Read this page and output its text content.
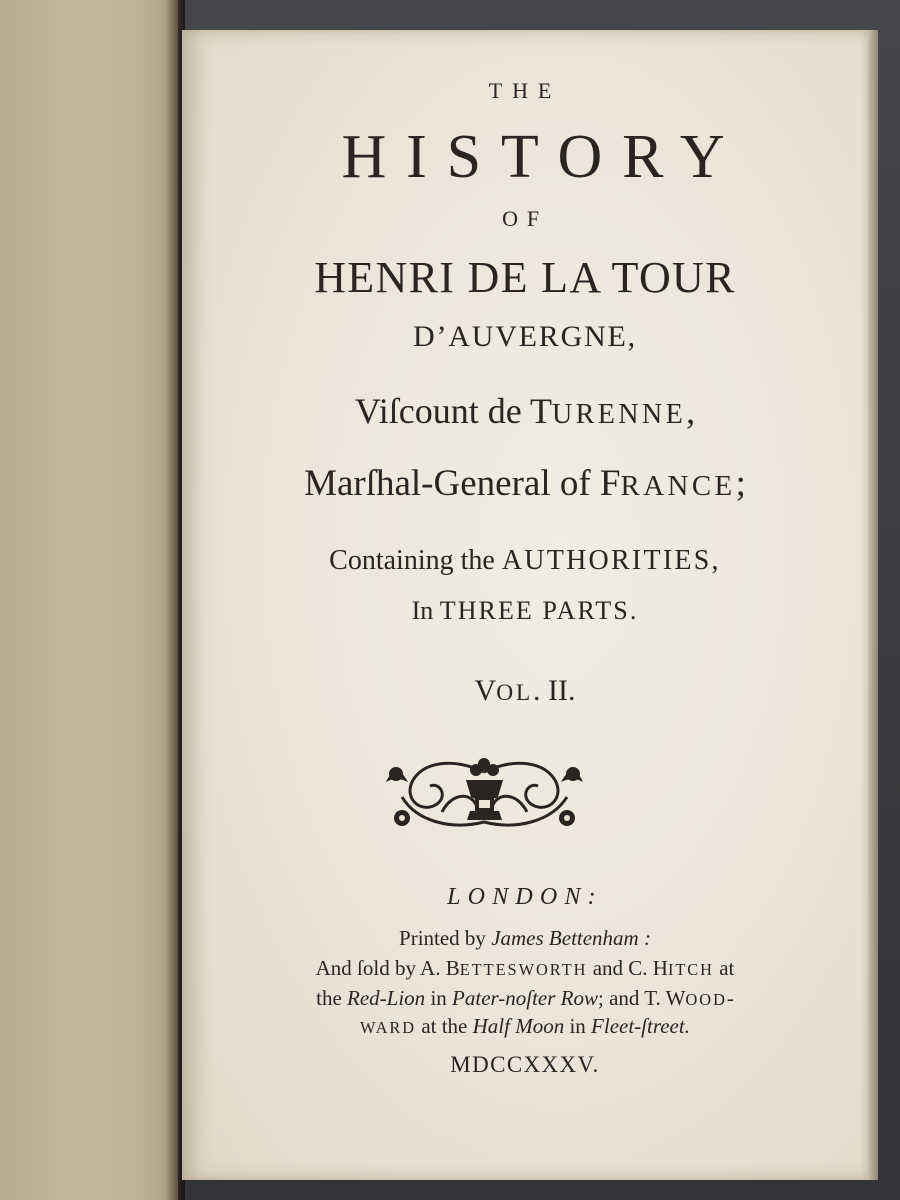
THE

HISTORY

OF

HENRI DE LA TOUR

D’AUVERGNE,

Viſcount de TURENNE,

Marſhal-General of FRANCE;

Containing the AUTHORITIES,

In THREE PARTS.

VOL. II.

LONDON:

Printed by James Bettenham :

And ſold by A. BETTESWORTH and C. HITCH at

the Red-Lion in Pater-noſter Row; and T. WOOD-

WARD at the Half Moon in Fleet-ſtreet.

MDCCXXXV.
